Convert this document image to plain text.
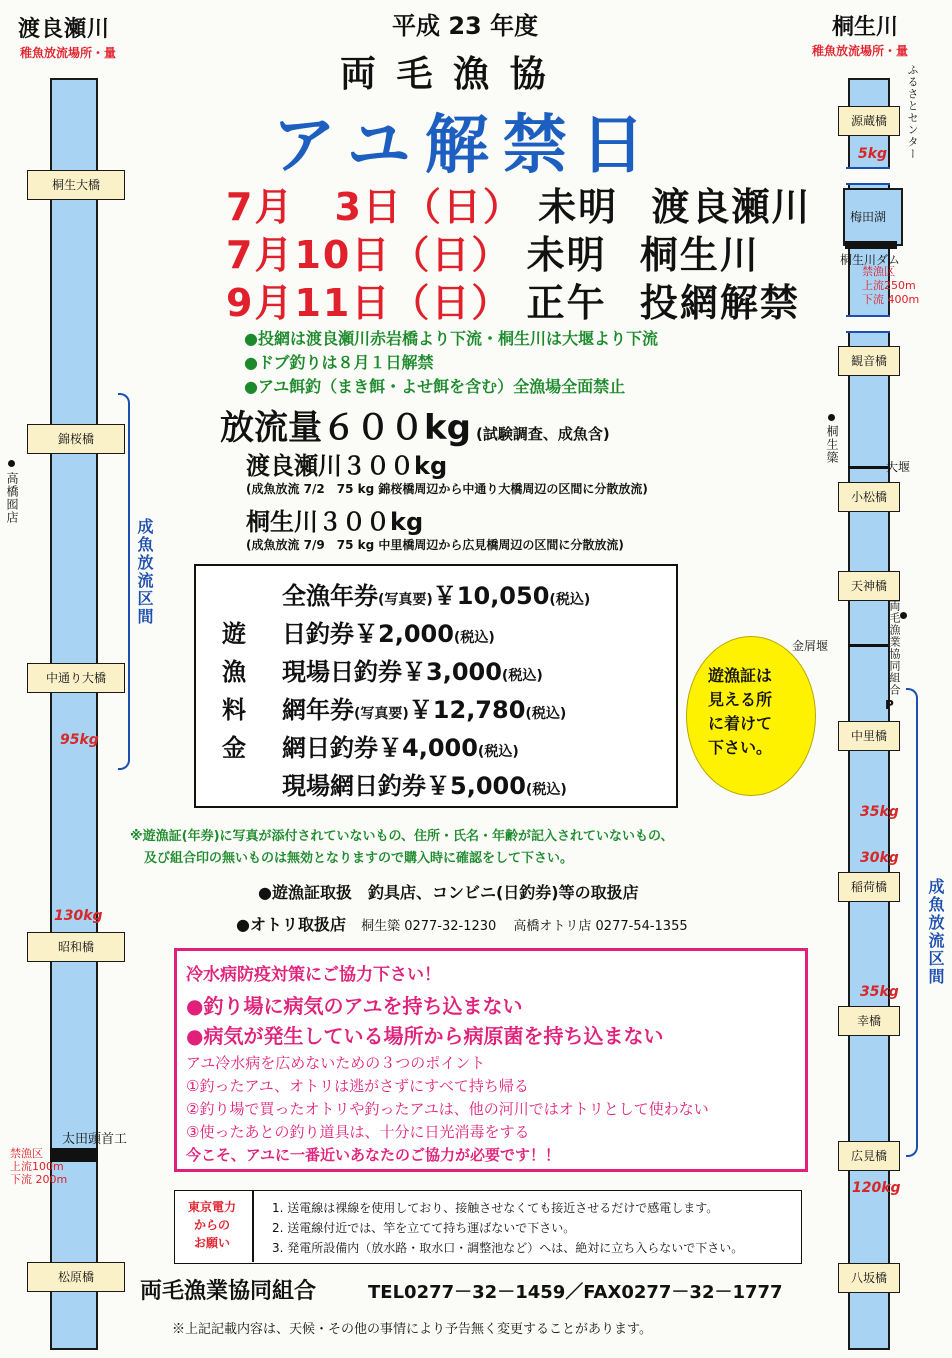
渡良瀬川
稚魚放流場所・量
桐生大橋
錦桜橋
中通り大橋
昭和橋
松原橋
高橋囮店
成魚放流区間
95kg
130kg
太田頭首工
禁漁区
上流100m
下流 200m
桐生川
稚魚放流場所・量
ふるさとセンター
源蔵橋
5kg
梅田湖
桐生川ダム
禁漁区
上流250m
下流 400m
観音橋
桐生簗
大堰
小松橋
天神橋
両毛漁業協同組合
金屑堰
P
中里橋
35kg
30kg
稲荷橋
35kg
幸橋
広見橋
120kg
八坂橋
成魚放流区間
平成 23 年度
両 毛 漁 協
アユ解禁日
7月　3日（日） 未明 渡良瀬川
7月10日（日） 未明 桐生川
9月11日（日） 正午 投網解禁
●投網は渡良瀬川赤岩橋より下流・桐生川は大堰より下流
●ドブ釣りは８月１日解禁
●アユ餌釣（まき餌・よせ餌を含む）全漁場全面禁止
放流量６００kg (試験調査、成魚含)
渡良瀬川３００kg
(成魚放流 7/2　75 kg 錦桜橋周辺から中通り大橋周辺の区間に分散放流)
桐生川３００kg
(成魚放流 7/9　75 kg 中里橋周辺から広見橋周辺の区間に分散放流)
遊
漁
料
金
全漁年券(写真要)￥10,050(税込)
日釣券￥2,000(税込)
現場日釣券￥3,000(税込)
網年券(写真要)￥12,780(税込)
網日釣券￥4,000(税込)
現場網日釣券￥5,000(税込)
遊漁証は
見える所
に着けて
下さい。
※遊漁証(年券)に写真が添付されていないもの、住所・氏名・年齢が記入されていないもの、
及び組合印の無いものは無効となりますので購入時に確認をして下さい。
●遊漁証取扱　釣具店、コンビニ(日釣券)等の取扱店
●オトリ取扱店 桐生簗 0277-32-1230 高橋オトリ店 0277-54-1355
冷水病防疫対策にご協力下さい！
●釣り場に病気のアユを持ち込まない
●病気が発生している場所から病原菌を持ち込まない
アユ冷水病を広めないための３つのポイント
①釣ったアユ、オトリは逃がさずにすべて持ち帰る
②釣り場で買ったオトリや釣ったアユは、他の河川ではオトリとして使わない
③使ったあとの釣り道具は、十分に日光消毒をする
今こそ、アユに一番近いあなたのご協力が必要です！！
東京電力
からの
お願い
1. 送電線は裸線を使用しており、接触させなくても接近させるだけで感電します。
2. 送電線付近では、竿を立てて持ち運ばないで下さい。
3. 発電所設備内（放水路・取水口・調整池など）へは、絶対に立ち入らないで下さい。
両毛漁業協同組合	TEL0277－32－1459／FAX0277－32－1777
※上記記載内容は、天候・その他の事情により予告無く変更することがあります。
